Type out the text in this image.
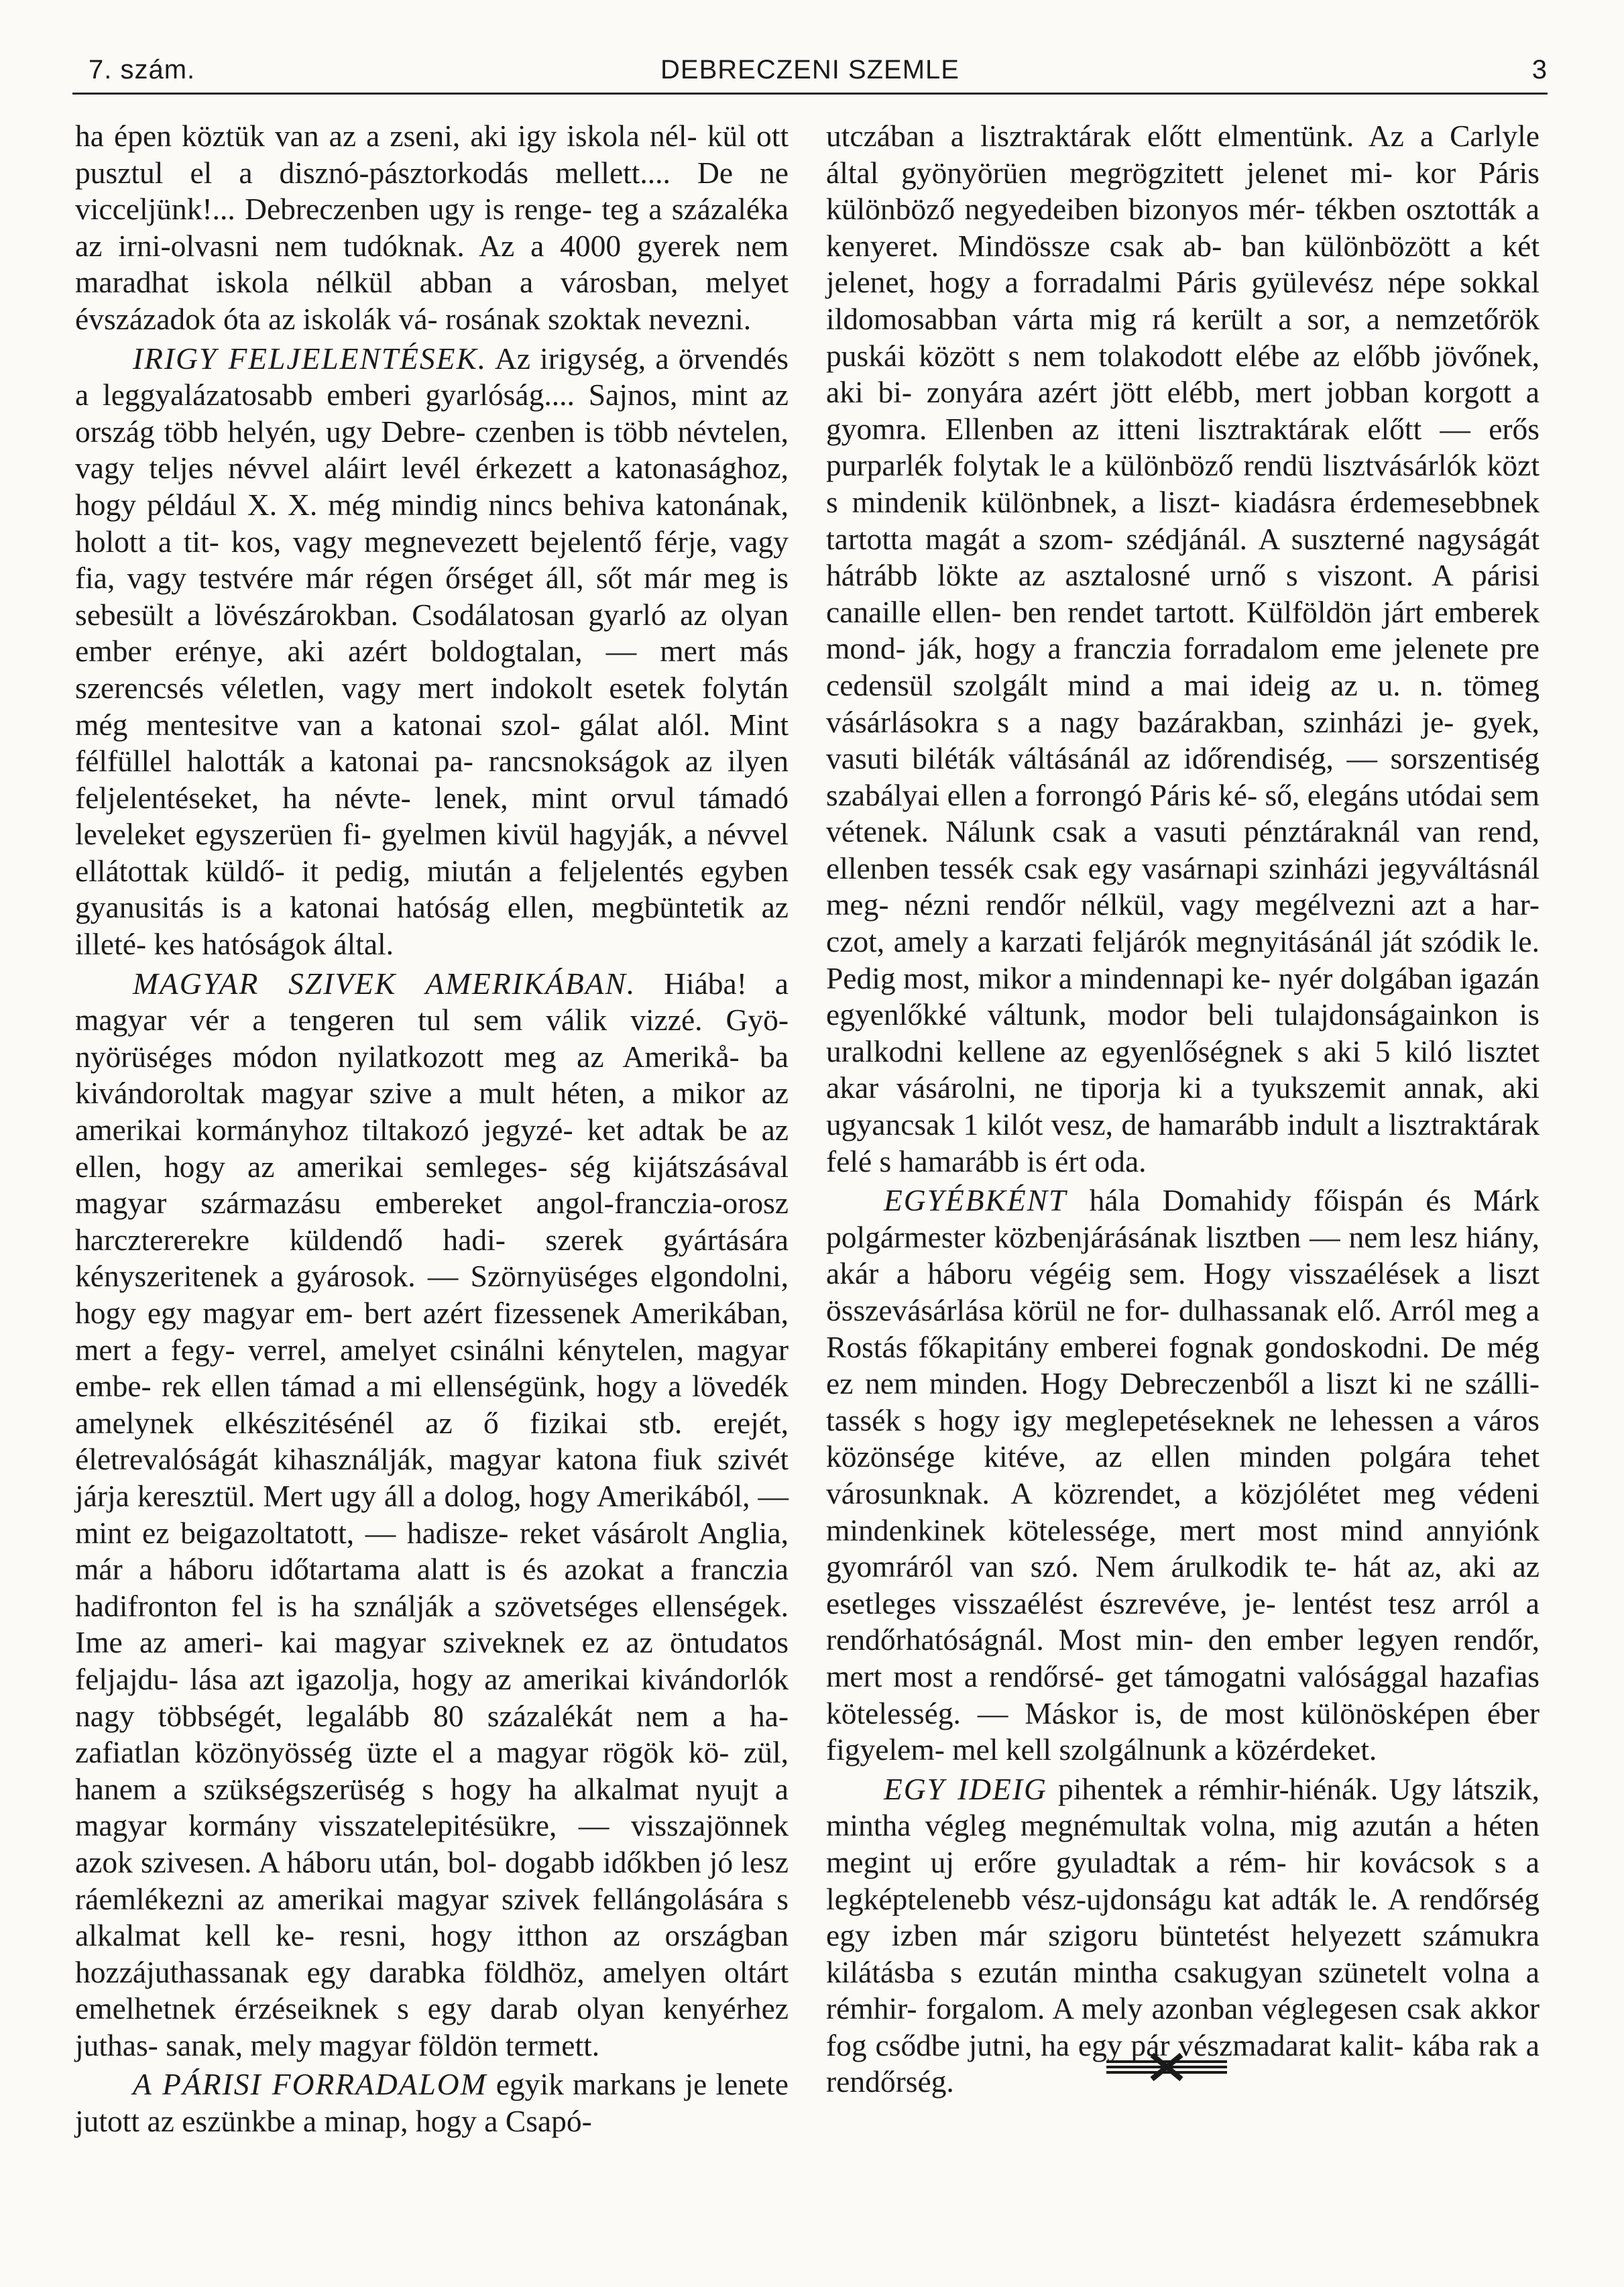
7. szám.	DEBRECZENI SZEMLE	3

ha épen köztük van az a zseni, aki igy iskola nél- kül ott pusztul el a disznó-pásztorkodás mellett.... De ne vicceljünk!... Debreczenben ugy is renge- teg a százaléka az irni-olvasni nem tudóknak. Az a 4000 gyerek nem maradhat iskola nélkül abban a városban, melyet évszázadok óta az iskolák vá- rosának szoktak nevezni.

IRIGY FELJELENTÉSEK. Az irigység, a örvendés a leggyalázatosabb emberi gyarlóság.... Sajnos, mint az ország több helyén, ugy Debre- czenben is több névtelen, vagy teljes névvel aláirt levél érkezett a katonasághoz, hogy például X. X. még mindig nincs behiva katonának, holott a tit- kos, vagy megnevezett bejelentő férje, vagy fia, vagy testvére már régen őrséget áll, sőt már meg is sebesült a lövészárokban. Csodálatosan gyarló az olyan ember erénye, aki azért boldogtalan, — mert más szerencsés véletlen, vagy mert indokolt esetek folytán még mentesitve van a katonai szol- gálat alól. Mint félfüllel halották a katonai pa- rancsnokságok az ilyen feljelentéseket, ha névte- lenek, mint orvul támadó leveleket egyszerüen fi- gyelmen kivül hagyják, a névvel ellátottak küldő- it pedig, miután a feljelentés egyben gyanusitás is a katonai hatóság ellen, megbüntetik az illeté- kes hatóságok által.

MAGYAR SZIVEK AMERIKÁBAN. Hiába! a magyar vér a tengeren tul sem válik vizzé. Gyö- nyörüséges módon nyilatkozott meg az Amerikå- ba kivándoroltak magyar szive a mult héten, a mikor az amerikai kormányhoz tiltakozó jegyzé- ket adtak be az ellen, hogy az amerikai semleges- ség kijátszásával magyar származásu embereket angol-franczia-orosz harcztererekre küldendő hadi- szerek gyártására kényszeritenek a gyárosok. — Szörnyüséges elgondolni, hogy egy magyar em- bert azért fizessenek Amerikában, mert a fegy- verrel, amelyet csinálni kénytelen, magyar embe- rek ellen támad a mi ellenségünk, hogy a lövedék amelynek elkészitésénél az ő fizikai stb. erejét, életrevalóságát kihasználják, magyar katona fiuk szivét járja keresztül. Mert ugy áll a dolog, hogy Amerikából, — mint ez beigazoltatott, — hadisze- reket vásárolt Anglia, már a háboru időtartama alatt is és azokat a franczia hadifronton fel is ha sználják a szövetséges ellenségek. Ime az ameri- kai magyar sziveknek ez az öntudatos feljajdu- lása azt igazolja, hogy az amerikai kivándorlók nagy többségét, legalább 80 százalékát nem a ha- zafiatlan közönyösség üzte el a magyar rögök kö- zül, hanem a szükségszerüség s hogy ha alkalmat nyujt a magyar kormány visszatelepitésükre, — visszajönnek azok szivesen. A háboru után, bol- dogabb időkben jó lesz ráemlékezni az amerikai magyar szivek fellángolására s alkalmat kell ke- resni, hogy itthon az országban hozzájuthassanak egy darabka földhöz, amelyen oltárt emelhetnek érzéseiknek s egy darab olyan kenyérhez juthas- sanak, mely magyar földön termett.

A PÁRISI FORRADALOM egyik markans je lenete jutott az eszünkbe a minap, hogy a Csapó-

utczában a lisztraktárak előtt elmentünk. Az a Carlyle által gyönyörüen megrögzitett jelenet mi- kor Páris különböző negyedeiben bizonyos mér- tékben osztották a kenyeret. Mindössze csak ab- ban különbözött a két jelenet, hogy a forradalmi Páris gyülevész népe sokkal ildomosabban várta mig rá került a sor, a nemzetőrök puskái között s nem tolakodott elébe az előbb jövőnek, aki bi- zonyára azért jött elébb, mert jobban korgott a gyomra. Ellenben az itteni lisztraktárak előtt — erős purparlék folytak le a különböző rendü lisztvásárlók közt s mindenik különbnek, a liszt- kiadásra érdemesebbnek tartotta magát a szom- szédjánál. A suszterné nagyságát hátrább lökte az asztalosné urnő s viszont. A párisi canaille ellen- ben rendet tartott. Külföldön járt emberek mond- ják, hogy a franczia forradalom eme jelenete pre cedensül szolgált mind a mai ideig az u. n. tömeg vásárlásokra s a nagy bazárakban, szinházi je- gyek, vasuti biléták váltásánál az időrendiség, — sorszentiség szabályai ellen a forrongó Páris ké- ső, elegáns utódai sem vétenek. Nálunk csak a vasuti pénztáraknál van rend, ellenben tessék csak egy vasárnapi szinházi jegyváltásnál meg- nézni rendőr nélkül, vagy megélvezni azt a har- czot, amely a karzati feljárók megnyitásánál ját szódik le. Pedig most, mikor a mindennapi ke- nyér dolgában igazán egyenlőkké váltunk, modor beli tulajdonságainkon is uralkodni kellene az egyenlőségnek s aki 5 kiló lisztet akar vásárolni, ne tiporja ki a tyukszemit annak, aki ugyancsak 1 kilót vesz, de hamarább indult a lisztraktárak felé s hamarább is ért oda.

EGYÉBKÉNT hála Domahidy főispán és Márk polgármester közbenjárásának lisztben — nem lesz hiány, akár a háboru végéig sem. Hogy visszaélések a liszt összevásárlása körül ne for- dulhassanak elő. Arról meg a Rostás főkapitány emberei fognak gondoskodni. De még ez nem minden. Hogy Debreczenből a liszt ki ne szálli- tassék s hogy igy meglepetéseknek ne lehessen a város közönsége kitéve, az ellen minden polgára tehet városunknak. A közrendet, a közjólétet meg védeni mindenkinek kötelessége, mert most mind annyiónk gyomráról van szó. Nem árulkodik te- hát az, aki az esetleges visszaélést észrevéve, je- lentést tesz arról a rendőrhatóságnál. Most min- den ember legyen rendőr, mert most a rendőrsé- get támogatni valósággal hazafias kötelesség. — Máskor is, de most különösképen éber figyelem- mel kell szolgálnunk a közérdeket.

EGY IDEIG pihentek a rémhir-hiénák. Ugy látszik, mintha végleg megnémultak volna, mig azután a héten megint uj erőre gyuladtak a rém- hir kovácsok s a legképtelenebb vész-ujdonságu kat adták le. A rendőrség egy izben már szigoru büntetést helyezett számukra kilátásba s ezután mintha csakugyan szünetelt volna a rémhir- forgalom. A mely azonban véglegesen csak akkor fog csődbe jutni, ha egy pár vészmadarat kalit- kába rak a rendőrség.
